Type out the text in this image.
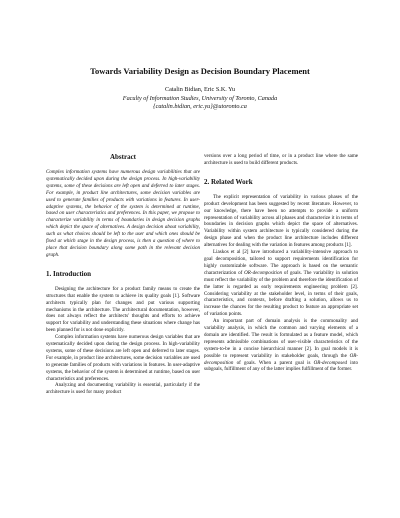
Towards Variability Design as Decision Boundary Placement
Catalin Bidian, Eric S.K. Yu
Faculty of Information Studies, University of Toronto, Canada
{catalin.bidian, eric.yu}@utoronto.ca
Abstract

Complex information systems have numerous design variabilities that are systematically decided upon during the design process. In high-variability systems, some of these decisions are left open and deferred to later stages. For example, in product line architectures, some decision variables are used to generate families of products with variations in features. In user-adaptive systems, the behavior of the system is determined at runtime, based on user characteristics and preferences. In this paper, we propose to characterize variability in terms of boundaries in design decision graphs which depict the space of alternatives. A design decision about variability, such as what choices should be left to the user and which ones should be fixed at which stage in the design process, is then a question of where to place that decision boundary along some path in the relevant decision graph.

1. Introduction

Designing the architecture for a product family means to create the structures that enable the system to achieve its quality goals [1]. Software architects typically plan for changes and put various supporting mechanisms in the architecture. The architectural documentation, however, does not always reflect the architects' thoughts and efforts to achieve support for variability and understanding these situations where change has been planned for is not done explicitly.

Complex information systems have numerous design variables that are systematically decided upon during the design process. In high-variability systems, some of these decisions are left open and deferred to later stages. For example, in product line architectures, some decision variables are used to generate families of products with variations in features. In user-adaptive systems, the behavior of the system is determined at runtime, based on user characteristics and preferences.

Analyzing and documenting variability is essential, particularly if the architecture is used for many product

versions over a long period of time, or in a product line where the same architecture is used to build different products.

2. Related Work

The explicit representation of variability in various phases of the product development has been suggested by recent literature. However, to our knowledge, there have been no attempts to provide a uniform representation of variability across all phases and characterize it in terms of boundaries in decision graphs which depict the space of alternatives. Variability within system architecture is typically considered during the design phase and when the product line architecture includes different alternatives for dealing with the variation in features among products [1].

Liaskos et al [2] have introduced a variability-intensive approach to goal decomposition, tailored to support requirements identification for highly customizable software. The approach is based on the semantic characterization of OR-decomposition of goals. The variability in solution must reflect the variability of the problem and therefore the identification of the latter is regarded as early requirements engineering problem [2]. Considering variability at the stakeholder level, in terms of their goals, characteristics, and contexts, before drafting a solution, allows us to increase the chances for the resulting product to feature an appropriate set of variation points.

An important part of domain analysis is the commonality and variability analysis, in which the common and varying elements of a domain are identified. The result is formulated as a feature model, which represents admissible combinations of user-visible characteristics of the system-to-be in a concise hierarchical manner [2]. In goal models it is possible to represent variability in stakeholder goals, through the OR-decomposition of goals. When a parent goal is OR-decomposed into subgoals, fulfillment of any of the latter implies fulfillment of the former.
